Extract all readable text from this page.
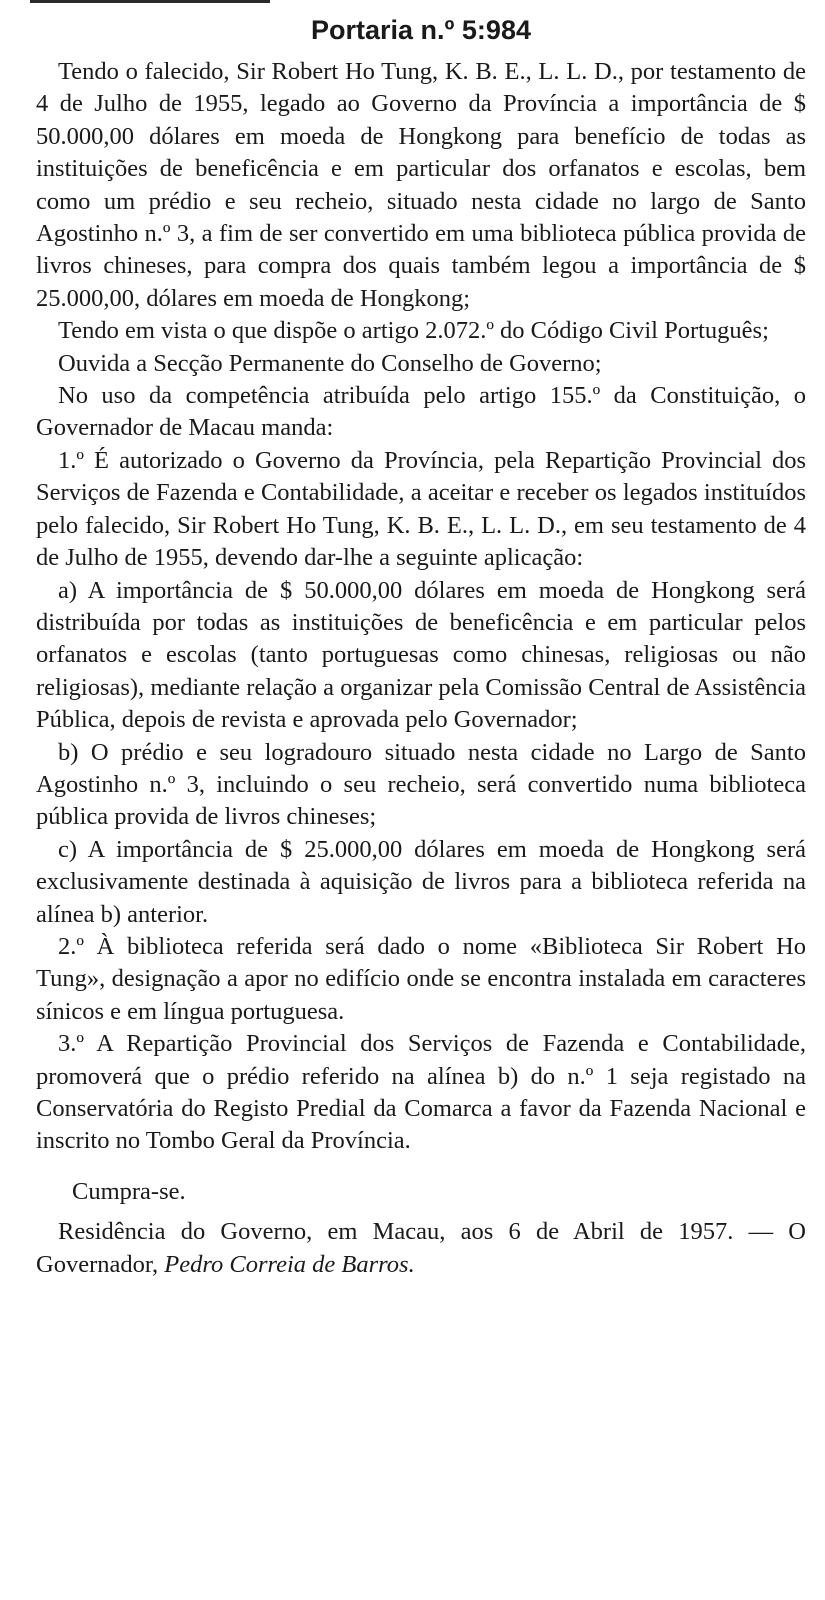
Portaria n.º 5:984

Tendo o falecido, Sir Robert Ho Tung, K. B. E., L. L. D., por testamento de 4 de Julho de 1955, legado ao Governo da Província a importância de $ 50.000,00 dólares em moeda de Hongkong para benefício de todas as instituições de beneficência e em particular dos orfanatos e escolas, bem como um prédio e seu recheio, situado nesta cidade no largo de Santo Agostinho n.º 3, a fim de ser convertido em uma biblioteca pública provida de livros chineses, para compra dos quais também legou a importância de $ 25.000,00, dólares em moeda de Hongkong;

Tendo em vista o que dispõe o artigo 2.072.º do Código Civil Português;

Ouvida a Secção Permanente do Conselho de Governo;

No uso da competência atribuída pelo artigo 155.º da Constituição, o Governador de Macau manda:

1.º É autorizado o Governo da Província, pela Repartição Provincial dos Serviços de Fazenda e Contabilidade, a aceitar e receber os legados instituídos pelo falecido, Sir Robert Ho Tung, K. B. E., L. L. D., em seu testamento de 4 de Julho de 1955, devendo dar-lhe a seguinte aplicação:

a) A importância de $ 50.000,00 dólares em moeda de Hongkong será distribuída por todas as instituições de beneficência e em particular pelos orfanatos e escolas (tanto portuguesas como chinesas, religiosas ou não religiosas), mediante relação a organizar pela Comissão Central de Assistência Pública, depois de revista e aprovada pelo Governador;

b) O prédio e seu logradouro situado nesta cidade no Largo de Santo Agostinho n.º 3, incluindo o seu recheio, será convertido numa biblioteca pública provida de livros chineses;

c) A importância de $ 25.000,00 dólares em moeda de Hongkong será exclusivamente destinada à aquisição de livros para a biblioteca referida na alínea b) anterior.

2.º À biblioteca referida será dado o nome «Biblioteca Sir Robert Ho Tung», designação a apor no edifício onde se encontra instalada em caracteres sínicos e em língua portuguesa.

3.º A Repartição Provincial dos Serviços de Fazenda e Contabilidade, promoverá que o prédio referido na alínea b) do n.º 1 seja registado na Conservatória do Registo Predial da Comarca a favor da Fazenda Nacional e inscrito no Tombo Geral da Província.

Cumpra-se.

Residência do Governo, em Macau, aos 6 de Abril de 1957. — O Governador, Pedro Correia de Barros.
